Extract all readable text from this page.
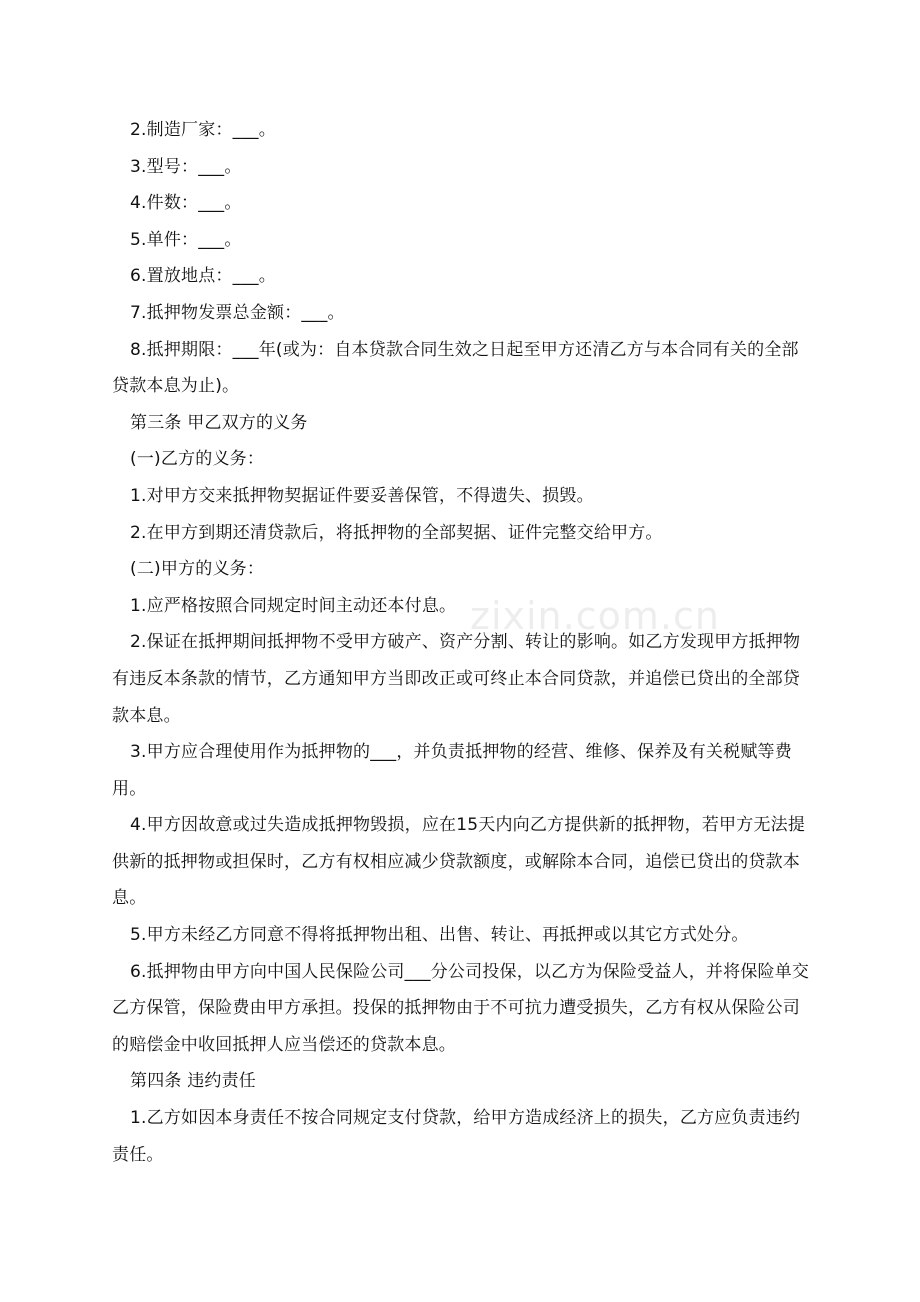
2.制造厂家：___。

3.型号：___。

4.件数：___。

5.单件：___。

6.置放地点：___。

7.抵押物发票总金额：___。

8.抵押期限：___年(或为：自本贷款合同生效之日起至甲方还清乙方与本合同有关的全部贷款本息为止)。

第三条 甲乙双方的义务

(一)乙方的义务：

1.对甲方交来抵押物契据证件要妥善保管，不得遗失、损毁。

2.在甲方到期还清贷款后，将抵押物的全部契据、证件完整交给甲方。

(二)甲方的义务：

1.应严格按照合同规定时间主动还本付息。

2.保证在抵押期间抵押物不受甲方破产、资产分割、转让的影响。如乙方发现甲方抵押物有违反本条款的情节，乙方通知甲方当即改正或可终止本合同贷款，并追偿已贷出的全部贷款本息。

3.甲方应合理使用作为抵押物的___，并负责抵押物的经营、维修、保养及有关税赋等费用。

4.甲方因故意或过失造成抵押物毁损，应在15天内向乙方提供新的抵押物，若甲方无法提供新的抵押物或担保时，乙方有权相应减少贷款额度，或解除本合同，追偿已贷出的贷款本息。

5.甲方未经乙方同意不得将抵押物出租、出售、转让、再抵押或以其它方式处分。

6.抵押物由甲方向中国人民保险公司___分公司投保，以乙方为保险受益人，并将保险单交乙方保管，保险费由甲方承担。投保的抵押物由于不可抗力遭受损失，乙方有权从保险公司的赔偿金中收回抵押人应当偿还的贷款本息。

第四条 违约责任

1.乙方如因本身责任不按合同规定支付贷款，给甲方造成经济上的损失，乙方应负责违约责任。

zixin.com.cn
